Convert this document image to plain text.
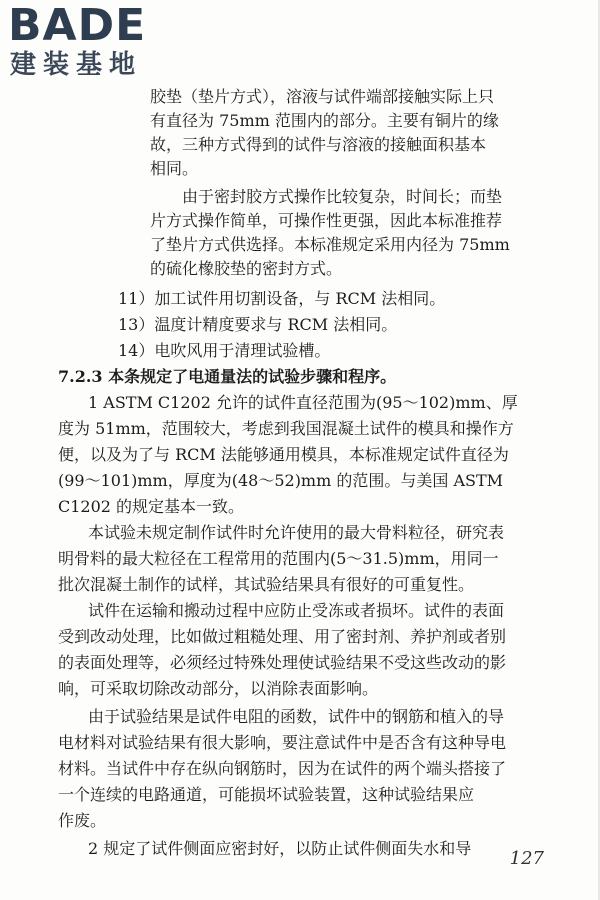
BADE
建装基地
胶垫（垫片方式），溶液与试件端部接触实际上只
有直径为 75mm 范围内的部分。主要有铜片的缘
故，三种方式得到的试件与溶液的接触面积基本
相同。
由于密封胶方式操作比较复杂，时间长；而垫
片方式操作简单，可操作性更强，因此本标准推荐
了垫片方式供选择。本标准规定采用内径为 75mm
的硫化橡胶垫的密封方式。
11）加工试件用切割设备，与 RCM 法相同。
13）温度计精度要求与 RCM 法相同。
14）电吹风用于清理试验槽。
7.2.3 本条规定了电通量法的试验步骤和程序。
1 ASTM C1202 允许的试件直径范围为(95～102)mm、厚
度为 51mm，范围较大，考虑到我国混凝土试件的模具和操作方
便，以及为了与 RCM 法能够通用模具，本标准规定试件直径为
(99～101)mm，厚度为(48～52)mm 的范围。与美国 ASTM
C1202 的规定基本一致。
本试验未规定制作试件时允许使用的最大骨料粒径，研究表
明骨料的最大粒径在工程常用的范围内(5～31.5)mm，用同一
批次混凝土制作的试样，其试验结果具有很好的可重复性。
试件在运输和搬动过程中应防止受冻或者损坏。试件的表面
受到改动处理，比如做过粗糙处理、用了密封剂、养护剂或者别
的表面处理等，必须经过特殊处理使试验结果不受这些改动的影
响，可采取切除改动部分，以消除表面影响。
由于试验结果是试件电阻的函数，试件中的钢筋和植入的导
电材料对试验结果有很大影响，要注意试件中是否含有这种导电
材料。当试件中存在纵向钢筋时，因为在试件的两个端头搭接了
一个连续的电路通道，可能损坏试验装置，这种试验结果应
作废。
2 规定了试件侧面应密封好，以防止试件侧面失水和导 127
